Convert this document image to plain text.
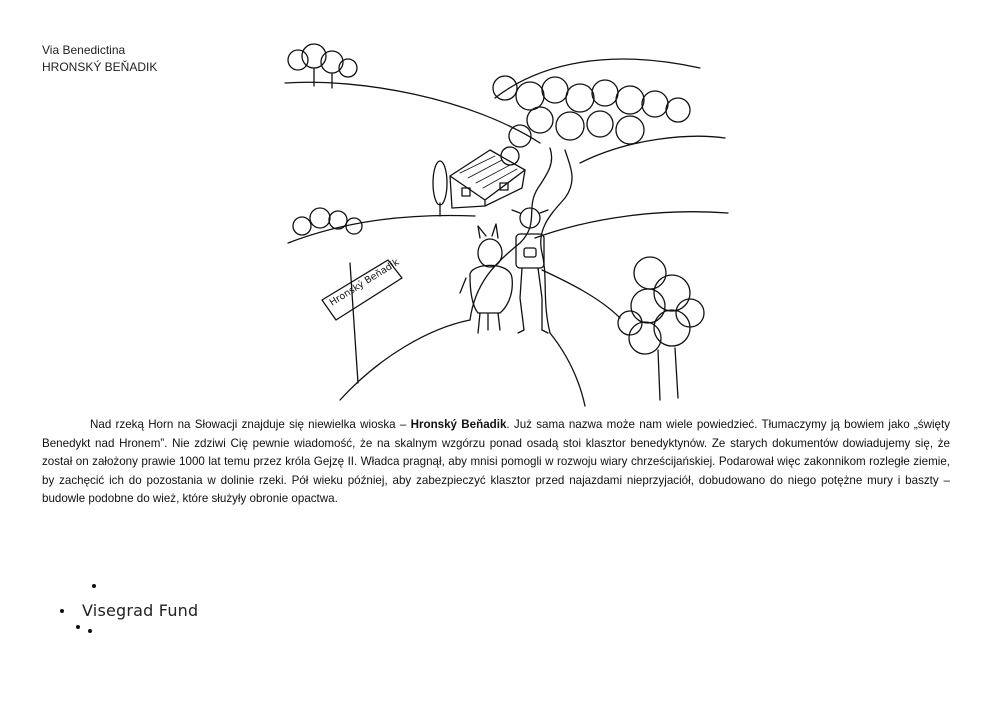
Via Benedictina
HRONSKÝ BEŇADIK
Hronský Beňadik

Nad rzeką Horn na Słowacji znajduje się niewielka wioska – Hronský Beňadik. Już sama nazwa może nam wiele powiedzieć. Tłumaczymy ją bowiem jako „święty Benedykt nad Hronem”. Nie zdziwi Cię pewnie wiadomość, że na skalnym wzgórzu ponad osadą stoi klasztor benedyktynów. Ze starych dokumentów dowiadujemy się, że został on założony prawie 1000 lat temu przez króla Gejzę II. Władca pragnął, aby mnisi pomogli w rozwoju wiary chrześcijańskiej. Podarował więc zakonnikom rozległe ziemie, by zachęcić ich do pozostania w dolinie rzeki. Pół wieku później, aby zabezpieczyć klasztor przed najazdami nieprzyjaciół, dobudowano do niego potężne mury i baszty – budowle podobne do wież, które służyły obronie opactwa.

Visegrad Fund
